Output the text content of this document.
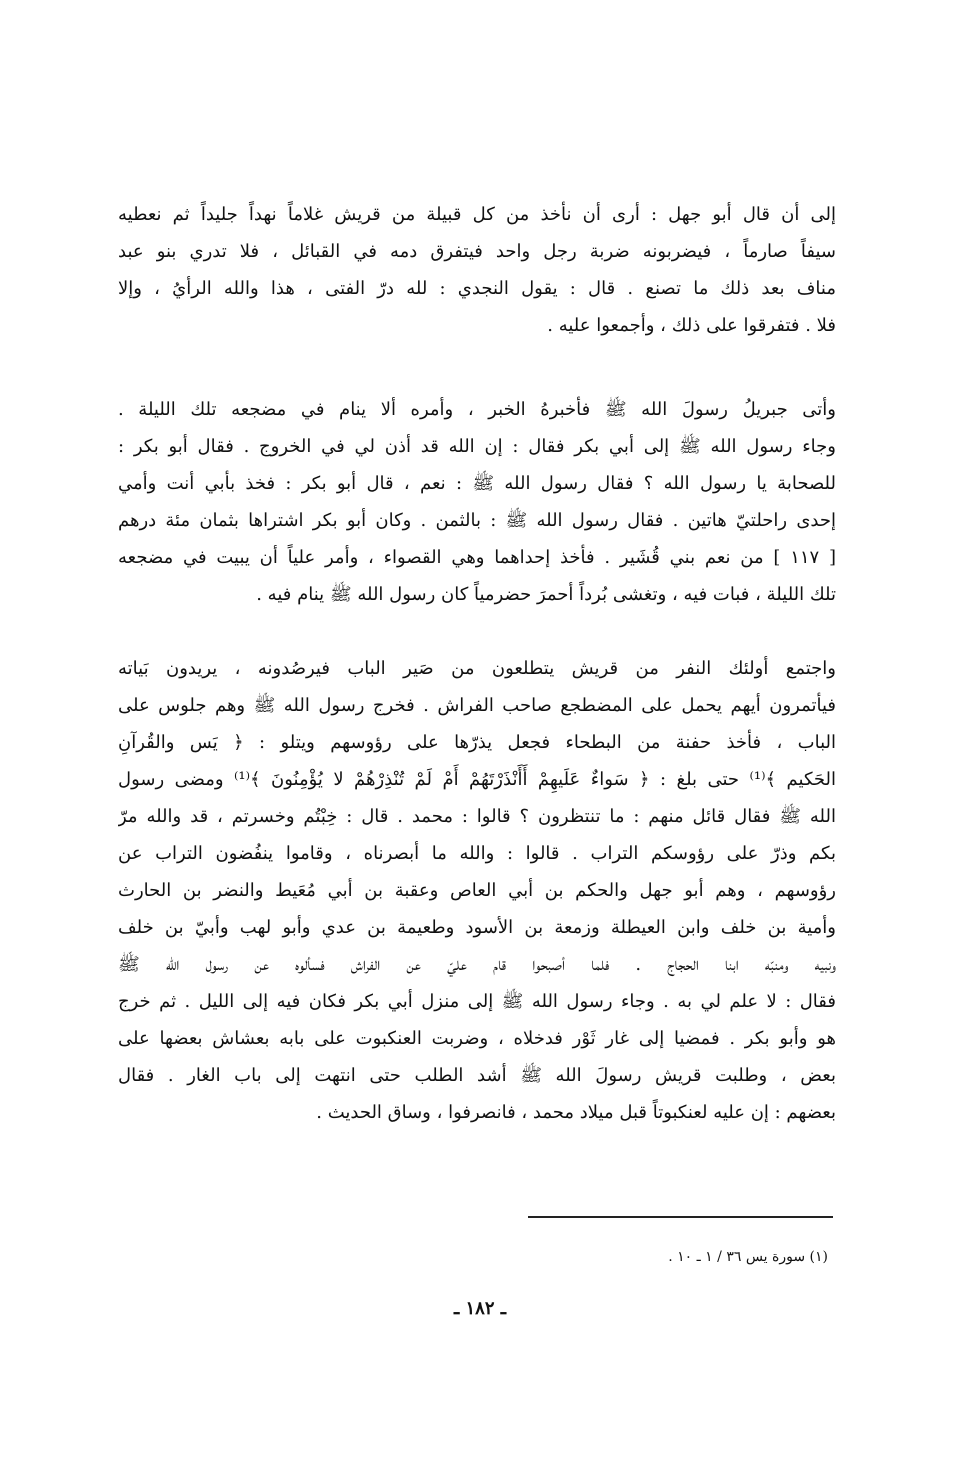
إلى أن قال أبو جهل : أرى أن نأخذ من كل قبيلة من قريش غلاماً نهداً جليداً ثم نعطيه
سيفاً صارماً ، فيضربونه ضربة رجل واحد فيتفرق دمه في القبائل ، فلا تدري بنو عبد
مناف بعد ذلك ما تصنع . قال : يقول النجدي : لله درّ الفتى ، هذا والله الرأيُ ، وإلا
فلا . فتفرقوا على ذلك ، وأجمعوا عليه .
وأتى جبريلُ رسولَ الله ﷺ فأخبرهُ الخبر ، وأمره ألا ينام في مضجعه تلك الليلة .
وجاء رسول الله ﷺ إلى أبي بكر فقال : إن الله قد أذن لي في الخروج . فقال أبو بكر :
للصحابة يا رسول الله ؟ فقال رسول الله ﷺ : نعم ، قال أبو بكر : فخذ بأبي أنت وأمي
إحدى راحلتيّ هاتين . فقال رسول الله ﷺ : بالثمن . وكان أبو بكر اشتراها بثمان مئة درهم
[ ١١٧ ] من نعم بني قُشَير . فأخذ إحداهما وهي القصواء ، وأمر علياً أن يبيت في مضجعه
تلك الليلة ، فبات فيه ، وتغشى بُرداً أحمرَ حضرمياً كان رسول الله ﷺ ينام فيه .
واجتمع أولئك النفر من قريش يتطلعون من صَير الباب فيرصُدونه ، يريدون بَياته
فيأتمرون أيهم يحمل على المضطجع صاحب الفراش . فخرج رسول الله ﷺ وهم جلوس على
الباب ، فأخذ حفنة من البطحاء فجعل يذرّها على رؤوسهم ويتلو : ﴿ يَس والقُرآنِ
الحَكيم ﴾⁽¹⁾ حتى بلغ : ﴿ سَواءٌ عَلَيهِمْ أَأَنْذَرْتَهُمْ أَمْ لَمْ تُنْذِرْهُمْ لا يُؤْمِنُونَ ﴾⁽¹⁾ ومضى رسول
الله ﷺ فقال قائل منهم : ما تنتظرون ؟ قالوا : محمد . قال : خِبْتُم وخسرتم ، قد والله مرّ
بكم وذرّ على رؤوسكم التراب . قالوا : والله ما أبصرناه ، وقاموا ينفُضون التراب عن
رؤوسهم ، وهم أبو جهل والحكم بن أبي العاص وعقبة بن أبي مُعَيط والنضر بن الحارث
وأمية بن خلف وابن العيطلة وزمعة بن الأسود وطعيمة بن عدي وأبو لهب وأبيّ بن خلف
ونبيه ومنبّه ابنا الحجاج . فلما أصبحوا قام عليّ عن الفراش فسألوه عن رسول الله ﷺ
فقال : لا علم لي به . وجاء رسول الله ﷺ إلى منزل أبي بكر فكان فيه إلى الليل . ثم خرج
هو وأبو بكر . فمضيا إلى غار ثَوْر فدخلاه ، وضربت العنكبوت على بابه بعشاش بعضها على
بعض ، وطلبت قريش رسولَ الله ﷺ أشد الطلب حتى انتهت إلى باب الغار . فقال
بعضهم : إن عليه لعنكبوتاً قبل ميلاد محمد ، فانصرفوا ، وساق الحديث .
(١) سورة يس ٣٦ / ١ ـ ١٠ .
ـ ١٨٢ ـ
